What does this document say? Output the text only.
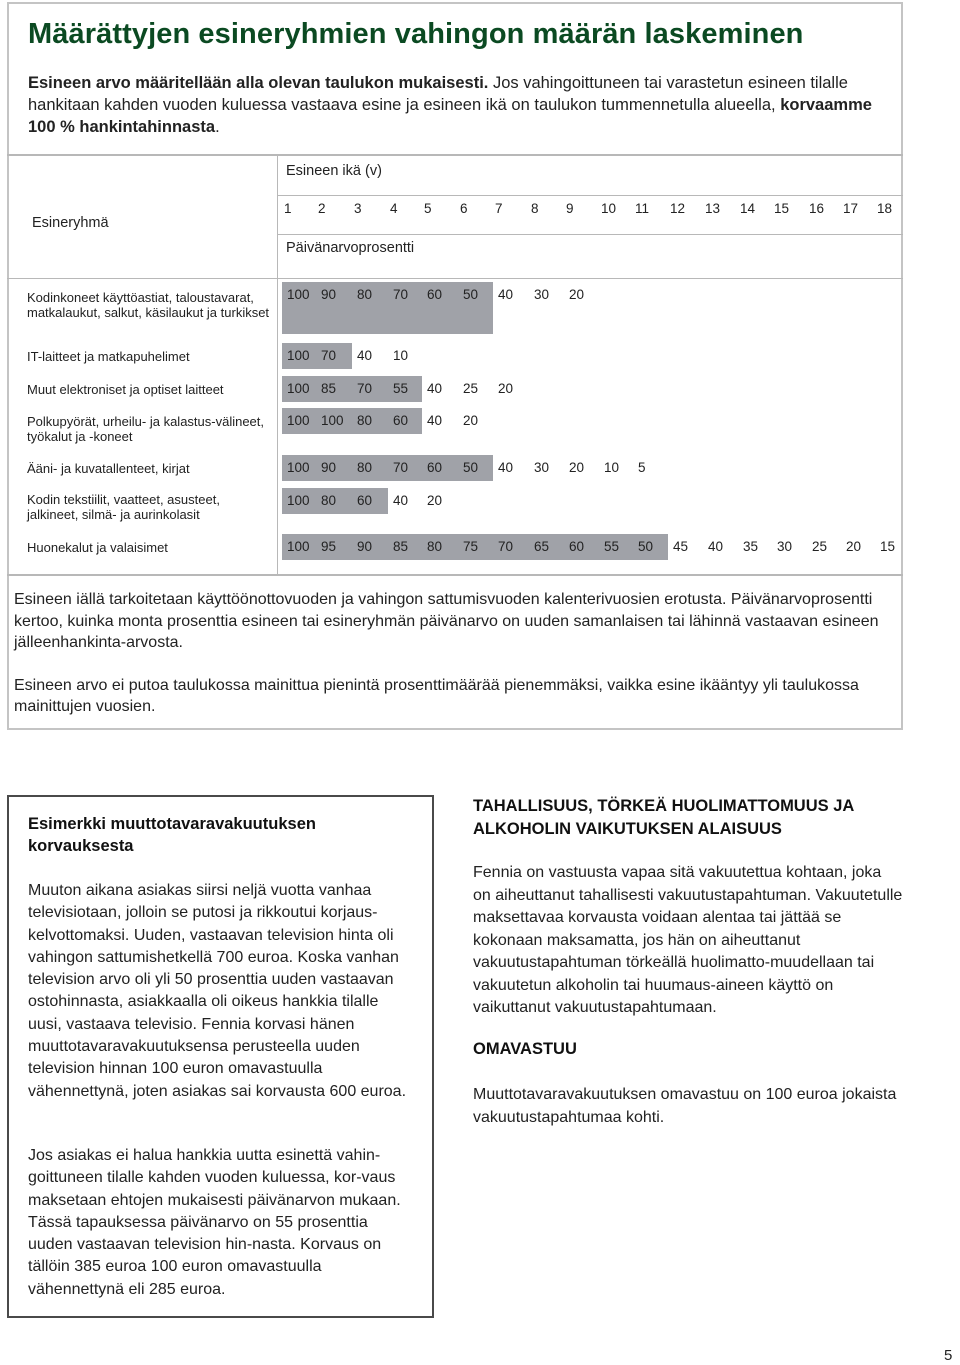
Määrättyjen esineryhmien vahingon määrän laskeminen

Esineen arvo määritellään alla olevan taulukon mukaisesti. Jos vahingoittuneen tai varastetun esineen tilalle hankitaan kahden vuoden kuluessa vastaava esine ja esineen ikä on taulukon tummennetulla alueella, korvaamme 100 % hankintahinnasta.

Esineen ikä (v)
Esineryhmä
Päivänarvoprosentti
1	2	3	4	5	6	7	8	9	10	11	12	13	14	15	16	17	18
Kodinkoneet käyttöastiat, taloustavarat, matkalaukut, salkut, käsilaukut ja turkikset
100 90	80	70	60	50	40	30	20
IT-laitteet ja matkapuhelimet	100 70	40	10
Muut elektroniset ja optiset laitteet	100 85	70	55	40	25	20
Polkupyörät, urheilu- ja kalastus-välineet, työkalut ja -koneet
100 100 80	60	40	20
Ääni- ja kuvatallenteet, kirjat	100 90	80	70	60	50	40	30	20	10	5
Kodin tekstiilit, vaatteet, asusteet, jalkineet, silmä- ja aurinkolasit
100 80	60	40	20
Huonekalut ja valaisimet	100 95	90	85	80	75	70	65	60	55	50	45	40	35	30	25	20	15

Esineen iällä tarkoitetaan käyttöönottovuoden ja vahingon sattumisvuoden kalenterivuosien erotusta. Päivänarvoprosentti kertoo, kuinka monta prosenttia esineen tai esineryhmän päivänarvo on uuden samanlaisen tai lähinnä vastaavan esineen jälleenhankinta-arvosta.

Esineen arvo ei putoa taulukossa mainittua pienintä prosenttimäärää pienemmäksi, vaikka esine ikääntyy yli taulukossa mainittujen vuosien.

Esimerkki muuttotavaravakuutuksen korvauksesta

Muuton aikana asiakas siirsi neljä vuotta vanhaa televisiotaan, jolloin se putosi ja rikkoutui korjaus-kelvottomaksi. Uuden, vastaavan television hinta oli vahingon sattumishetkellä 700 euroa. Koska vanhan television arvo oli yli 50 prosenttia uuden vastaavan ostohinnasta, asiakkaalla oli oikeus hankkia tilalle uusi, vastaava televisio. Fennia korvasi hänen muuttotavaravakuutuksensa perusteella uuden television hinnan 100 euron omavastuulla vähennettynä, joten asiakas sai korvausta 600 euroa.

Jos asiakas ei halua hankkia uutta esinettä vahin-goittuneen tilalle kahden vuoden kuluessa, kor-vaus maksetaan ehtojen mukaisesti päivänarvon mukaan. Tässä tapauksessa päivänarvo on 55 prosenttia uuden vastaavan television hin-nasta. Korvaus on tällöin 385 euroa 100 euron omavastuulla vähennettynä eli 285 euroa.

TAHALLISUUS, TÖRKEÄ HUOLIMATTOMUUS JA ALKOHOLIN VAIKUTUKSEN ALAISUUS

Fennia on vastuusta vapaa sitä vakuutettua kohtaan, joka on aiheuttanut tahallisesti vakuutustapahtuman. Vakuutetulle maksettavaa korvausta voidaan alentaa tai jättää se kokonaan maksamatta, jos hän on aiheuttanut vakuutustapahtuman törkeällä huolimatto-muudellaan tai vakuutetun alkoholin tai huumaus-aineen käyttö on vaikuttanut vakuutustapahtumaan.

OMAVASTUU

Muuttotavaravakuutuksen omavastuu on 100 euroa jokaista vakuutustapahtumaa kohti.

5
